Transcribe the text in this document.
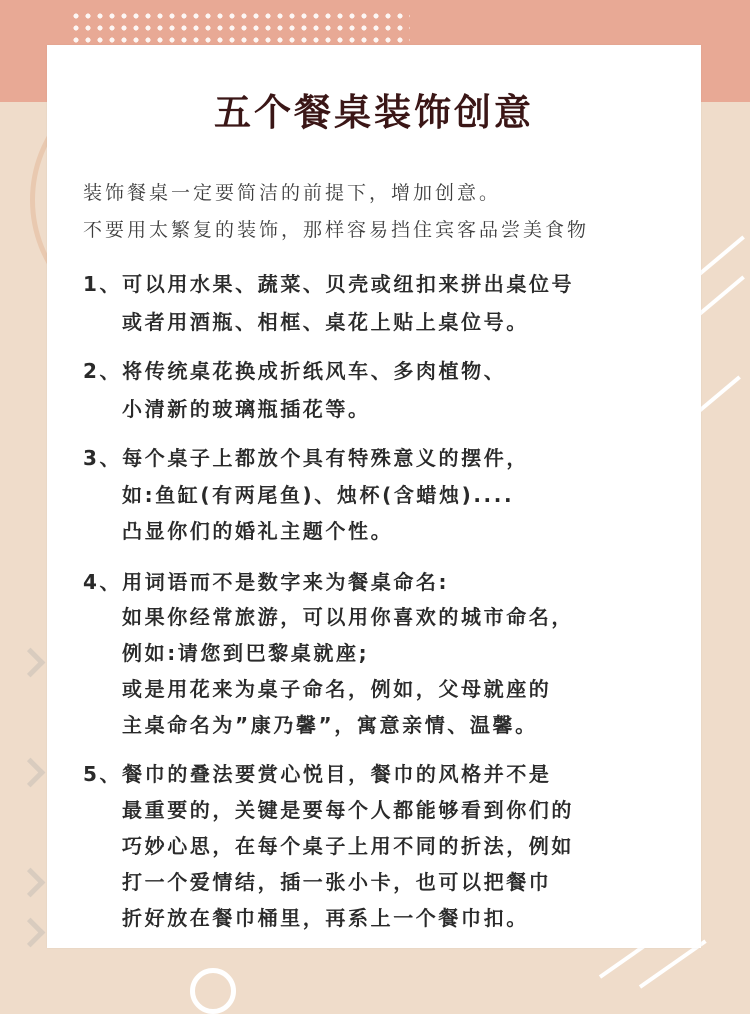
五个餐桌装饰创意
装饰餐桌一定要简洁的前提下，增加创意。
不要用太繁复的装饰，那样容易挡住宾客品尝美食物
1、可以用水果、蔬菜、贝壳或纽扣来拼出桌位号
或者用酒瓶、相框、桌花上贴上桌位号。
2、将传统桌花换成折纸风车、多肉植物、
小清新的玻璃瓶插花等。
3、每个桌子上都放个具有特殊意义的摆件，
如:鱼缸(有两尾鱼)、烛杯(含蜡烛)....
凸显你们的婚礼主题个性。
4、用词语而不是数字来为餐桌命名:
如果你经常旅游，可以用你喜欢的城市命名，
例如:请您到巴黎桌就座;
或是用花来为桌子命名，例如，父母就座的
主桌命名为”康乃馨”，寓意亲情、温馨。
5、餐巾的叠法要赏心悦目，餐巾的风格并不是
最重要的，关键是要每个人都能够看到你们的
巧妙心思，在每个桌子上用不同的折法，例如
打一个爱情结，插一张小卡，也可以把餐巾
折好放在餐巾桶里，再系上一个餐巾扣。
